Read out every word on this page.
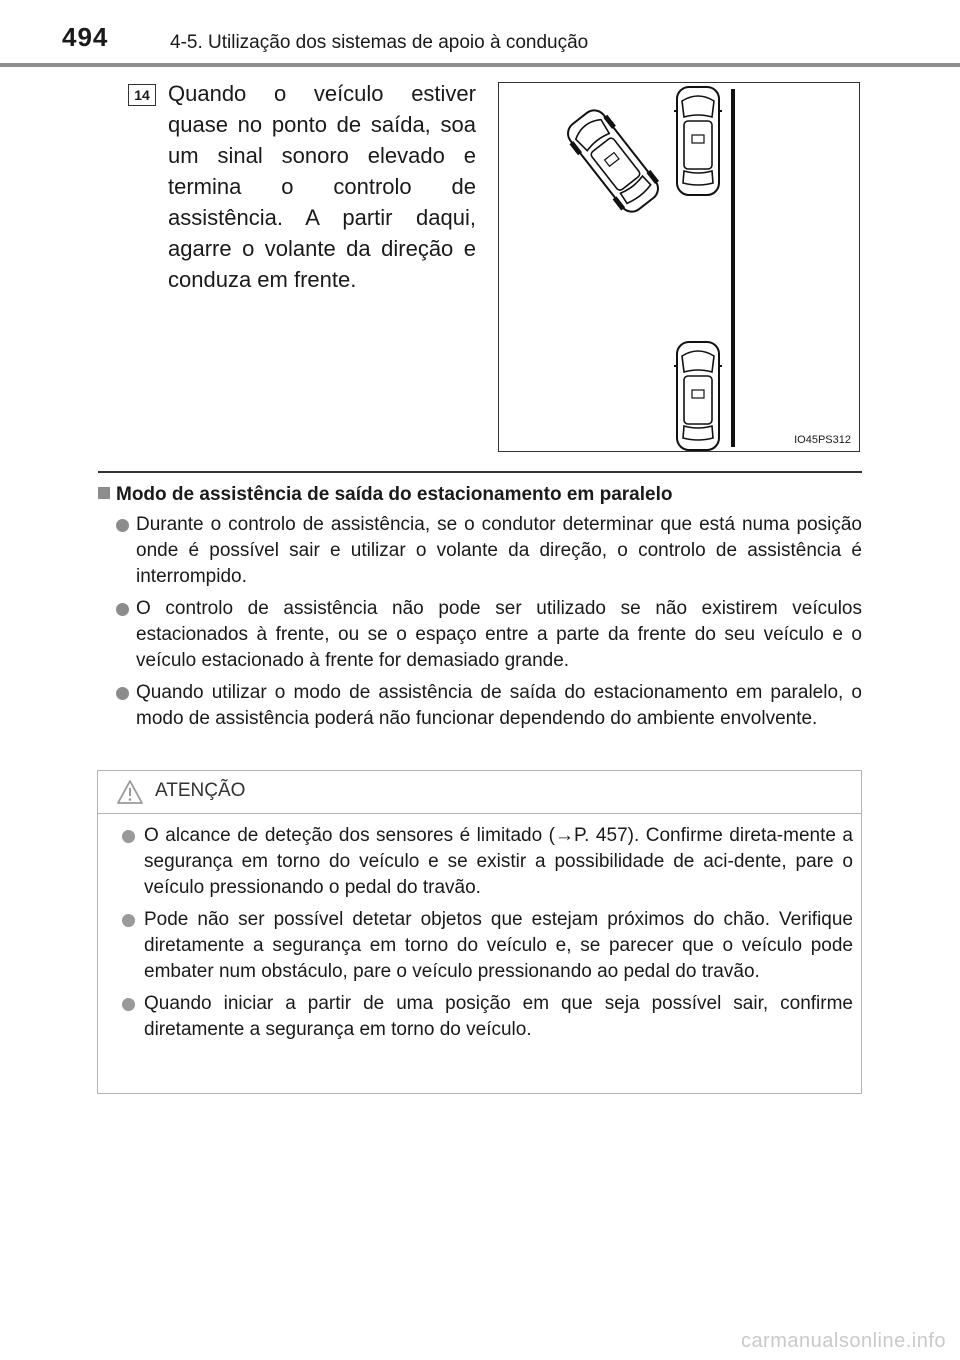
494	4-5. Utilização dos sistemas de apoio à condução
14 Quando o veículo estiver quase no ponto de saída, soa um sinal sonoro elevado e termina o controlo de assistência. A partir daqui, agarre o volante da direção e conduza em frente.

IO45PS312
Modo de assistência de saída do estacionamento em paralelo
Durante o controlo de assistência, se o condutor determinar que está numa posição onde é possível sair e utilizar o volante da direção, o controlo de assistência é interrompido.
O controlo de assistência não pode ser utilizado se não existirem veículos estacionados à frente, ou se o espaço entre a parte da frente do seu veículo e o veículo estacionado à frente for demasiado grande.
Quando utilizar o modo de assistência de saída do estacionamento em paralelo, o modo de assistência poderá não funcionar dependendo do ambiente envolvente.
ATENÇÃO
O alcance de deteção dos sensores é limitado (→P. 457). Confirme direta-mente a segurança em torno do veículo e se existir a possibilidade de aci-dente, pare o veículo pressionando o pedal do travão.
Pode não ser possível detetar objetos que estejam próximos do chão. Verifique diretamente a segurança em torno do veículo e, se parecer que o veículo pode embater num obstáculo, pare o veículo pressionando ao pedal do travão.
Quando iniciar a partir de uma posição em que seja possível sair, confirme diretamente a segurança em torno do veículo.
carmanualsonline.info
